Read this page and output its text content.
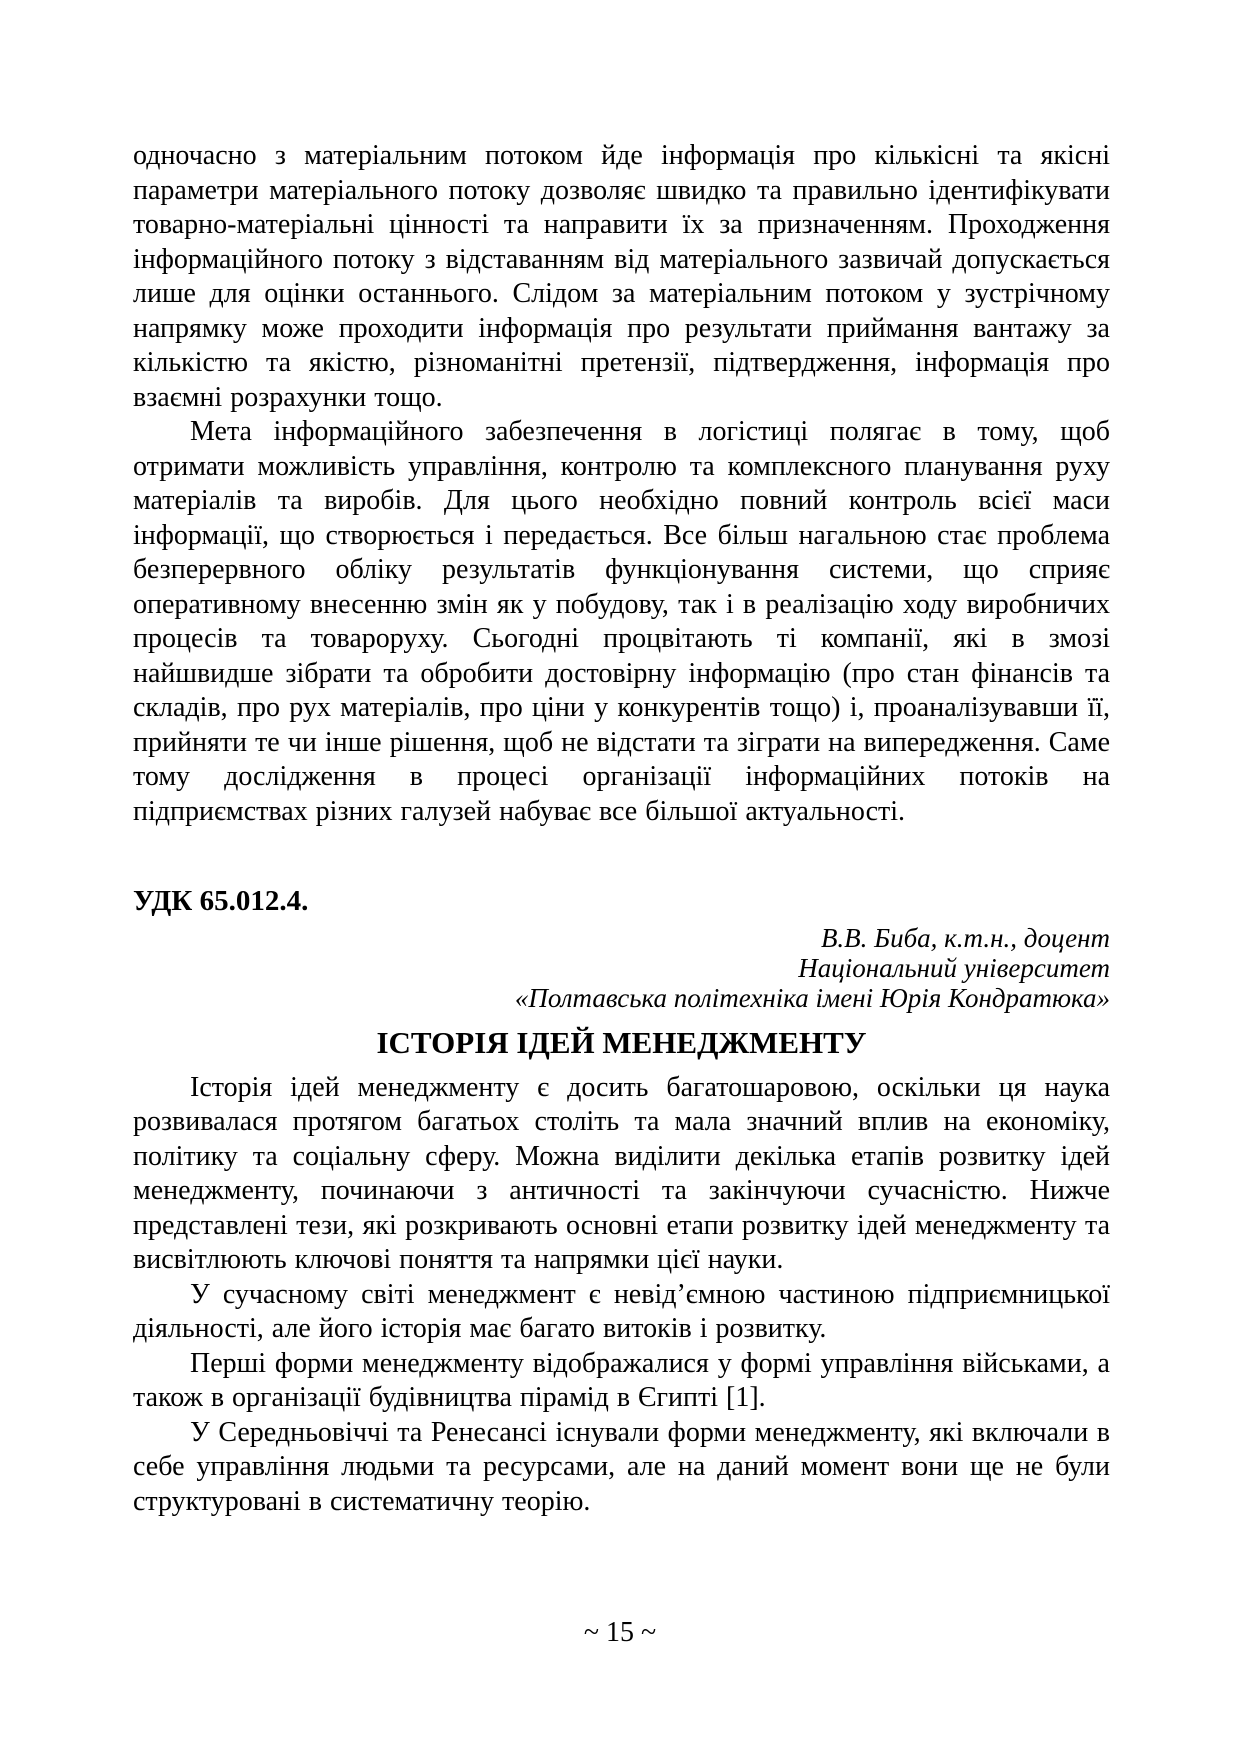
одночасно з матеріальним потоком йде інформація про кількісні та якісні параметри матеріального потоку дозволяє швидко та правильно ідентифікувати товарно-матеріальні цінності та направити їх за призначенням. Проходження інформаційного потоку з відставанням від матеріального зазвичай допускається лише для оцінки останнього. Слідом за матеріальним потоком у зустрічному напрямку може проходити інформація про результати приймання вантажу за кількістю та якістю, різноманітні претензії, підтвердження, інформація про взаємні розрахунки тощо.

Мета інформаційного забезпечення в логістиці полягає в тому, щоб отримати можливість управління, контролю та комплексного планування руху матеріалів та виробів. Для цього необхідно повний контроль всієї маси інформації, що створюється і передається. Все більш нагальною стає проблема безперервного обліку результатів функціонування системи, що сприяє оперативному внесенню змін як у побудову, так і в реалізацію ходу виробничих процесів та товароруху. Сьогодні процвітають ті компанії, які в змозі найшвидше зібрати та обробити достовірну інформацію (про стан фінансів та складів, про рух матеріалів, про ціни у конкурентів тощо) і, проаналізувавши її, прийняти те чи інше рішення, щоб не відстати та зіграти на випередження. Саме тому дослідження в процесі організації інформаційних потоків на підприємствах різних галузей набуває все більшої актуальності.

УДК 65.012.4.

В.В. Биба, к.т.н., доцент

Національний університет

«Полтавська політехніка імені Юрія Кондратюка»

ІСТОРІЯ ІДЕЙ МЕНЕДЖМЕНТУ

Історія ідей менеджменту є досить багатошаровою, оскільки ця наука розвивалася протягом багатьох століть та мала значний вплив на економіку, політику та соціальну сферу. Можна виділити декілька етапів розвитку ідей менеджменту, починаючи з античності та закінчуючи сучасністю. Нижче представлені тези, які розкривають основні етапи розвитку ідей менеджменту та висвітлюють ключові поняття та напрямки цієї науки.

У сучасному світі менеджмент є невід’ємною частиною підприємницької діяльності, але його історія має багато витоків і розвитку.

Перші форми менеджменту відображалися у формі управління військами, а також в організації будівництва пірамід в Єгипті [1].

У Середньовіччі та Ренесансі існували форми менеджменту, які включали в себе управління людьми та ресурсами, але на даний момент вони ще не були структуровані в систематичну теорію.

~ 15 ~
